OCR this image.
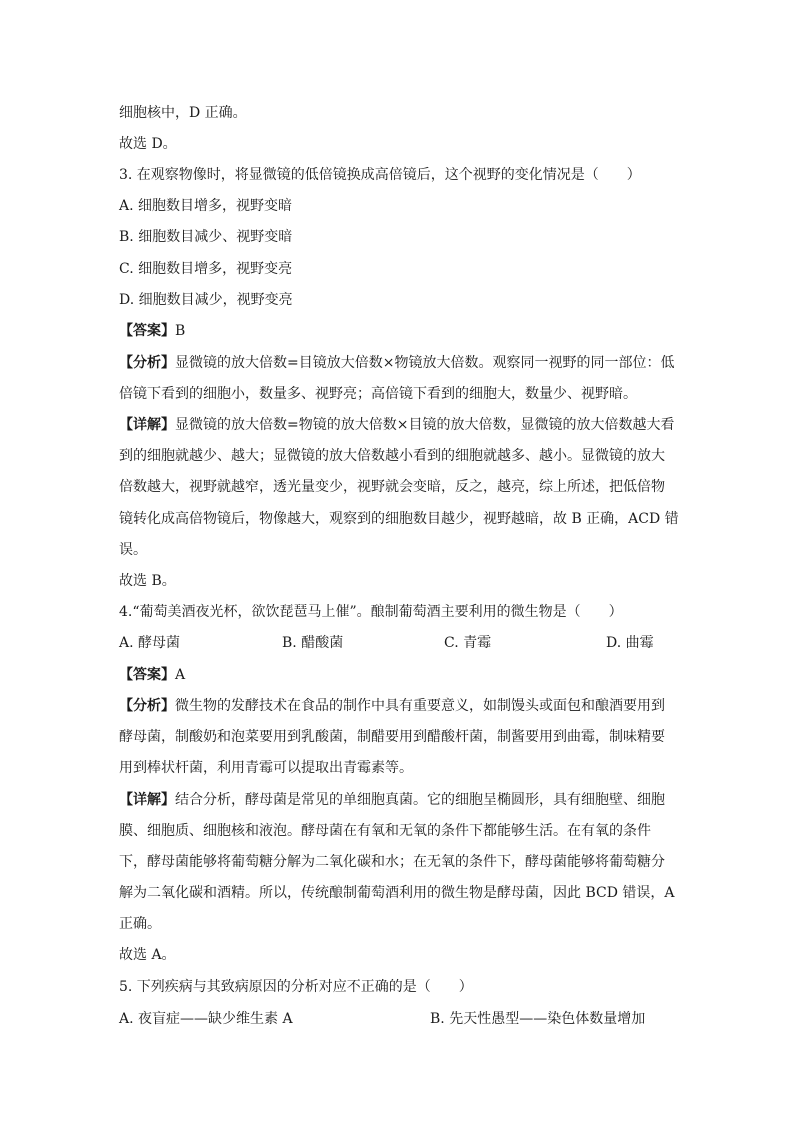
细胞核中，D 正确。
故选 D。
3. 在观察物像时，将显微镜的低倍镜换成高倍镜后，这个视野的变化情况是（　　）
A. 细胞数目增多，视野变暗
B. 细胞数目减少、视野变暗
C. 细胞数目增多，视野变亮
D. 细胞数目减少，视野变亮
【答案】B
【分析】显微镜的放大倍数=目镜放大倍数×物镜放大倍数。观察同一视野的同一部位：低
倍镜下看到的细胞小，数量多、视野亮；高倍镜下看到的细胞大，数量少、视野暗。
【详解】显微镜的放大倍数=物镜的放大倍数×目镜的放大倍数，显微镜的放大倍数越大看
到的细胞就越少、越大；显微镜的放大倍数越小看到的细胞就越多、越小。显微镜的放大
倍数越大，视野就越窄，透光量变少，视野就会变暗，反之，越亮，综上所述，把低倍物
镜转化成高倍物镜后，物像越大，观察到的细胞数目越少，视野越暗，故 B 正确，ACD 错
误。
故选 B。
4.“葡萄美酒夜光杯，欲饮琵琶马上催”。酿制葡萄酒主要利用的微生物是（　　）
A. 酵母菌	B. 醋酸菌	C. 青霉	D. 曲霉
【答案】A
【分析】微生物的发酵技术在食品的制作中具有重要意义，如制馒头或面包和酿酒要用到
酵母菌，制酸奶和泡菜要用到乳酸菌，制醋要用到醋酸杆菌，制酱要用到曲霉，制味精要
用到棒状杆菌，利用青霉可以提取出青霉素等。
【详解】结合分析，酵母菌是常见的单细胞真菌。它的细胞呈椭圆形，具有细胞壁、细胞
膜、细胞质、细胞核和液泡。酵母菌在有氧和无氧的条件下都能够生活。在有氧的条件
下，酵母菌能够将葡萄糖分解为二氧化碳和水；在无氧的条件下，酵母菌能够将葡萄糖分
解为二氧化碳和酒精。所以，传统酿制葡萄酒利用的微生物是酵母菌，因此 BCD 错误，A
正确。
故选 A。
5. 下列疾病与其致病原因的分析对应不正确的是（　　）
A. 夜盲症——缺少维生素 A	B. 先天性愚型——染色体数量增加
